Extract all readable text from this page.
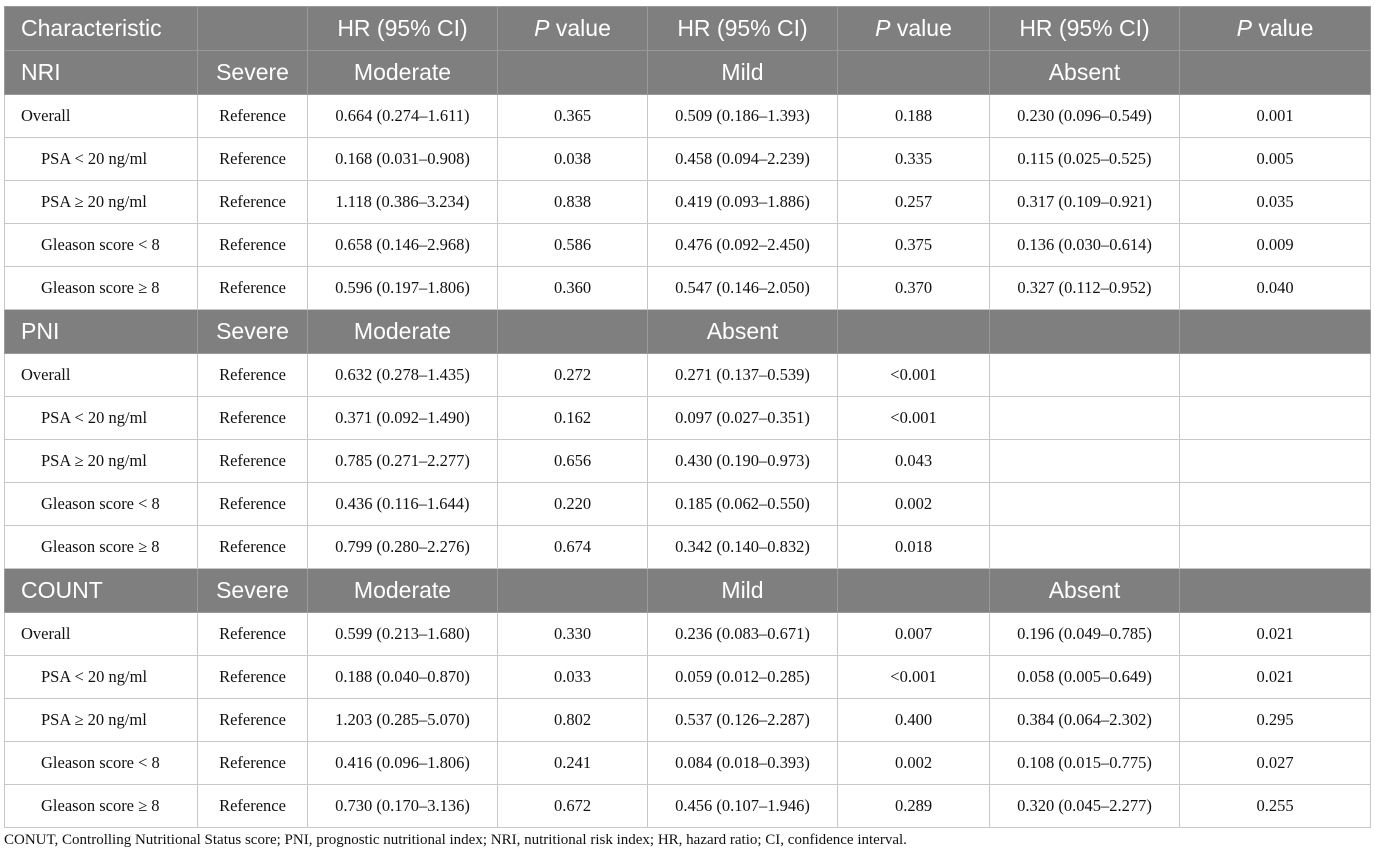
Characteristic		HR (95% CI)	P value	HR (95% CI)	P value	HR (95% CI)	P value
NRI	Severe	Moderate		Mild		Absent	
Overall	Reference	0.664 (0.274–1.611)	0.365	0.509 (0.186–1.393)	0.188	0.230 (0.096–0.549)	0.001
PSA < 20 ng/ml	Reference	0.168 (0.031–0.908)	0.038	0.458 (0.094–2.239)	0.335	0.115 (0.025–0.525)	0.005
PSA ≥ 20 ng/ml	Reference	1.118 (0.386–3.234)	0.838	0.419 (0.093–1.886)	0.257	0.317 (0.109–0.921)	0.035
Gleason score < 8	Reference	0.658 (0.146–2.968)	0.586	0.476 (0.092–2.450)	0.375	0.136 (0.030–0.614)	0.009
Gleason score ≥ 8	Reference	0.596 (0.197–1.806)	0.360	0.547 (0.146–2.050)	0.370	0.327 (0.112–0.952)	0.040
PNI	Severe	Moderate		Absent			
Overall	Reference	0.632 (0.278–1.435)	0.272	0.271 (0.137–0.539)	<0.001		
PSA < 20 ng/ml	Reference	0.371 (0.092–1.490)	0.162	0.097 (0.027–0.351)	<0.001		
PSA ≥ 20 ng/ml	Reference	0.785 (0.271–2.277)	0.656	0.430 (0.190–0.973)	0.043		
Gleason score < 8	Reference	0.436 (0.116–1.644)	0.220	0.185 (0.062–0.550)	0.002		
Gleason score ≥ 8	Reference	0.799 (0.280–2.276)	0.674	0.342 (0.140–0.832)	0.018		
COUNT	Severe	Moderate		Mild		Absent	
Overall	Reference	0.599 (0.213–1.680)	0.330	0.236 (0.083–0.671)	0.007	0.196 (0.049–0.785)	0.021
PSA < 20 ng/ml	Reference	0.188 (0.040–0.870)	0.033	0.059 (0.012–0.285)	<0.001	0.058 (0.005–0.649)	0.021
PSA ≥ 20 ng/ml	Reference	1.203 (0.285–5.070)	0.802	0.537 (0.126–2.287)	0.400	0.384 (0.064–2.302)	0.295
Gleason score < 8	Reference	0.416 (0.096–1.806)	0.241	0.084 (0.018–0.393)	0.002	0.108 (0.015–0.775)	0.027
Gleason score ≥ 8	Reference	0.730 (0.170–3.136)	0.672	0.456 (0.107–1.946)	0.289	0.320 (0.045–2.277)	0.255
CONUT, Controlling Nutritional Status score; PNI, prognostic nutritional index; NRI, nutritional risk index; HR, hazard ratio; CI, confidence interval.
